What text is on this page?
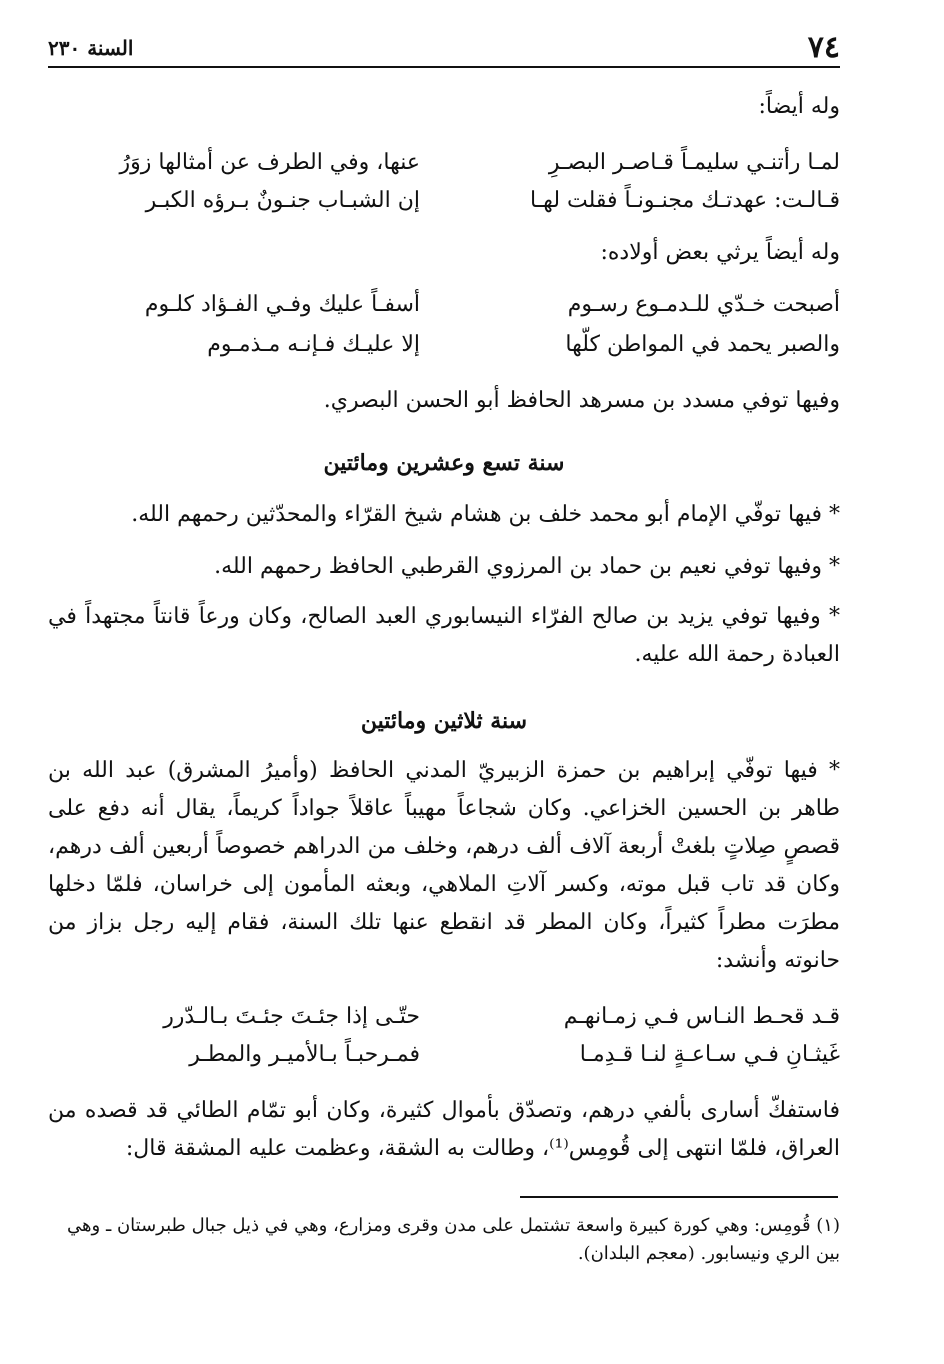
٧٤
السنة ٢٣٠
وله أيضاً:
لمـا رأتنـي سليمـاً قـاصـر البصـرِ
عنها، وفي الطرف عن أمثالها زوَرُ
قـالـت: عهدتـك مجنـونـاً فقلت لهـا
إن الشبـاب جنـونٌ بـرؤه الكبـر
وله أيضاً يرثي بعض أولاده:
أصبحت خـدّي للـدمـوع رسـوم
أسفـاً عليك وفـي الفـؤاد كلـوم
والصبر يحمد في المواطن كلّها
إلا عليـك فـإنـه مـذمـوم
وفيها توفي مسدد بن مسرهد الحافظ أبو الحسن البصري.
سنة تسع وعشرين ومائتين
* فيها توفّي الإمام أبو محمد خلف بن هشام شيخ القرّاء والمحدّثين رحمهم الله.
* وفيها توفي نعيم بن حماد بن المرزوي القرطبي الحافظ رحمهم الله.
* وفيها توفي يزيد بن صالح الفرّاء النيسابوري العبد الصالح، وكان ورعاً قانتاً مجتهداً في العبادة رحمة الله عليه.
سنة ثلاثين ومائتين
* فيها توفّي إبراهيم بن حمزة الزبيريّ المدني الحافظ (وأميرُ المشرق) عبد الله بن طاهر بن الحسين الخزاعي. وكان شجاعاً مهيباً عاقلاً جواداً كريماً، يقال أنه دفع على قصصٍ صِلاتٍ بلغتْ أربعة آلاف ألف درهم، وخلف من الدراهم خصوصاً أربعين ألف درهم، وكان قد تاب قبل موته، وكسر آلاتِ الملاهي، وبعثه المأمون إلى خراسان، فلمّا دخلها مطرَت مطراً كثيراً، وكان المطر قد انقطع عنها تلك السنة، فقام إليه رجل بزاز من حانوته وأنشد:
قـد قحـط النـاس فـي زمـانهـم
حتّـى إذا جئـتَ جئـتَ بـالـدّرر
غَيثـانِ فـي سـاعـةٍ لنـا قـدِمـا
فمـرحبـاً بـالأميـر والمطـر
فاستفكّ أسارى بألفي درهم، وتصدّق بأموال كثيرة، وكان أبو تمّام الطائي قد قصده من العراق، فلمّا انتهى إلى قُومِس⁽¹⁾، وطالت به الشقة، وعظمت عليه المشقة قال:
(١) قُومِس: وهي كورة كبيرة واسعة تشتمل على مدن وقرى ومزارع، وهي في ذيل جبال طبرستان ـ وهي بين الري ونيسابور. (معجم البلدان).
